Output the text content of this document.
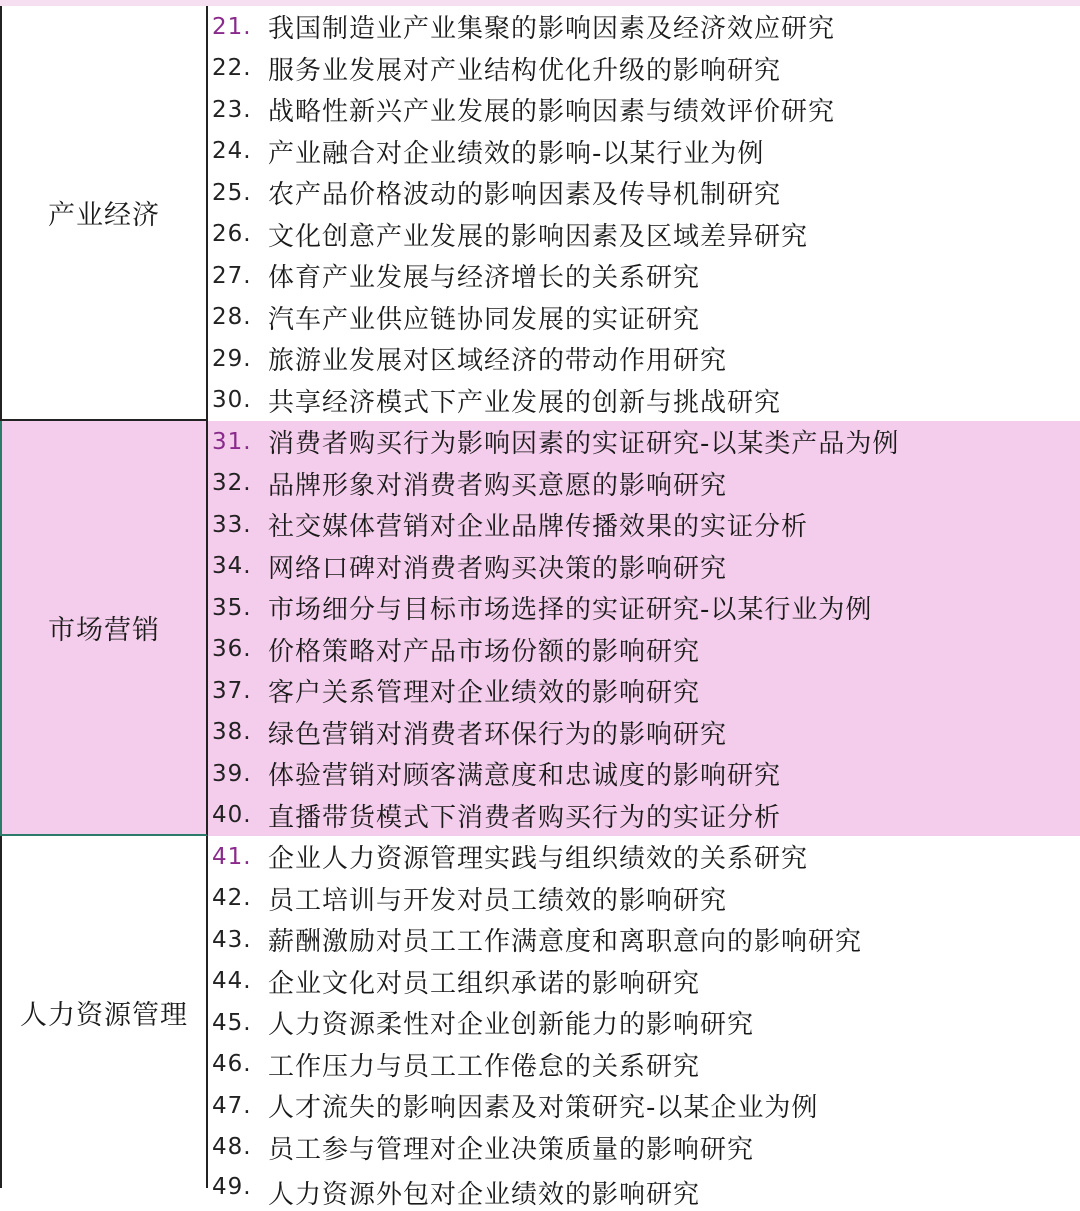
产业经济
21. 我国制造业产业集聚的影响因素及经济效应研究
22. 服务业发展对产业结构优化升级的影响研究
23. 战略性新兴产业发展的影响因素与绩效评价研究
24. 产业融合对企业绩效的影响-以某行业为例
25. 农产品价格波动的影响因素及传导机制研究
26. 文化创意产业发展的影响因素及区域差异研究
27. 体育产业发展与经济增长的关系研究
28. 汽车产业供应链协同发展的实证研究
29. 旅游业发展对区域经济的带动作用研究
30. 共享经济模式下产业发展的创新与挑战研究
市场营销
31. 消费者购买行为影响因素的实证研究-以某类产品为例
32. 品牌形象对消费者购买意愿的影响研究
33. 社交媒体营销对企业品牌传播效果的实证分析
34. 网络口碑对消费者购买决策的影响研究
35. 市场细分与目标市场选择的实证研究-以某行业为例
36. 价格策略对产品市场份额的影响研究
37. 客户关系管理对企业绩效的影响研究
38. 绿色营销对消费者环保行为的影响研究
39. 体验营销对顾客满意度和忠诚度的影响研究
40. 直播带货模式下消费者购买行为的实证分析
人力资源管理
41. 企业人力资源管理实践与组织绩效的关系研究
42. 员工培训与开发对员工绩效的影响研究
43. 薪酬激励对员工工作满意度和离职意向的影响研究
44. 企业文化对员工组织承诺的影响研究
45. 人力资源柔性对企业创新能力的影响研究
46. 工作压力与员工工作倦怠的关系研究
47. 人才流失的影响因素及对策研究-以某企业为例
48. 员工参与管理对企业决策质量的影响研究
49. 人力资源外包对企业绩效的影响研究
